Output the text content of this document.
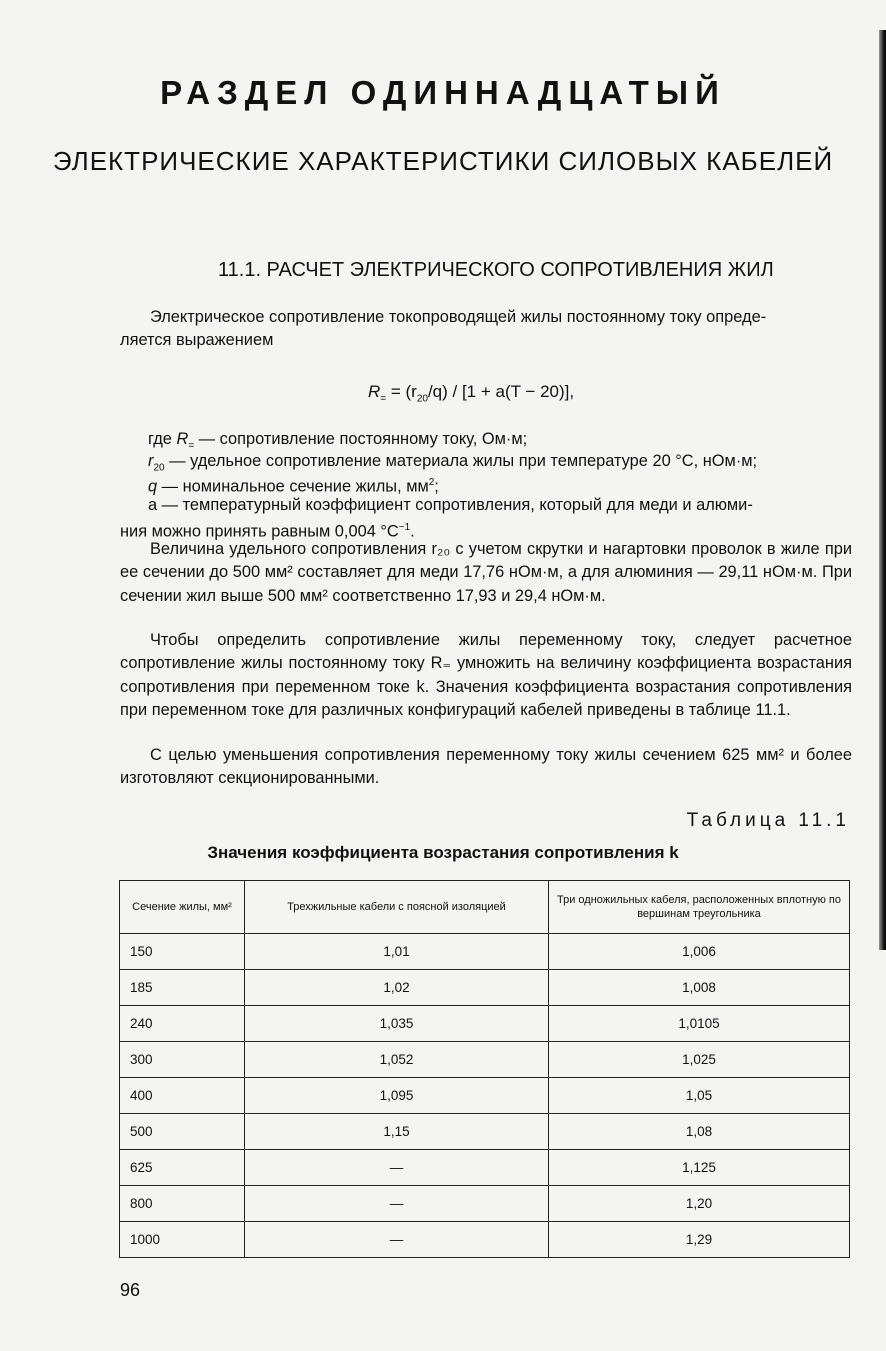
РАЗДЕЛ ОДИННАДЦАТЫЙ
ЭЛЕКТРИЧЕСКИЕ ХАРАКТЕРИСТИКИ СИЛОВЫХ КАБЕЛЕЙ
11.1. РАСЧЕТ ЭЛЕКТРИЧЕСКОГО СОПРОТИВЛЕНИЯ ЖИЛ

Электрическое сопротивление токопроводящей жилы постоянному току опреде-
ляется выражением

$R_= = (r_{20}/q) / [1 + a(T - 20)]$,
где $R_=$ — сопротивление постоянному току, Ом·м;
$r_{20}$ — удельное сопротивление материала жилы при температуре 20 °С, нОм·м;
q — номинальное сечение жилы, $мм^2$;
a — температурный коэффициент сопротивления, который для меди и алюми-
ния можно принять равным 0,004 $^\circ С^{-1}$.

Величина удельного сопротивления r₂₀ с учетом скрутки и нагартовки проволок в жиле при ее сечении до 500 мм² составляет для меди 17,76 нОм·м, а для алюминия — 29,11 нОм·м. При сечении жил выше 500 мм² соответственно 17,93 и 29,4 нОм·м.

Чтобы определить сопротивление жилы переменному току, следует расчетное сопротивление жилы постоянному току R₌ умножить на величину коэффициента возрастания сопротивления при переменном токе k. Значения коэффициента возрастания сопротивления при переменном токе для различных конфигураций кабелей приведены в таблице 11.1.

С целью уменьшения сопротивления переменному току жилы сечением 625 мм² и более изготовляют секционированными.

Таблица 11.1
Значения коэффициента возрастания сопротивления k
Сечение жилы, мм²	Трехжильные кабели с поясной изоляцией	Три одножильных кабеля, расположенных вплотную по вершинам треугольника
150	1,01	1,006
185	1,02	1,008
240	1,035	1,0105
300	1,052	1,025
400	1,095	1,05
500	1,15	1,08
625	—	1,125
800	—	1,20
1000	—	1,29
96
